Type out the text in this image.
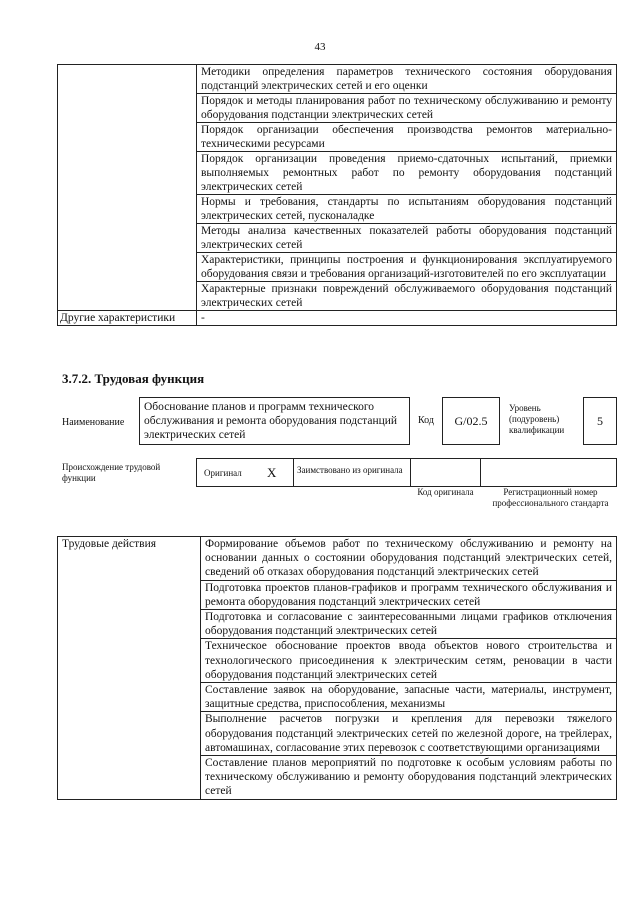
43
	Методики определения параметров технического состояния оборудования подстанций электрических сетей и его оценки
	Порядок и методы планирования работ по техническому обслуживанию и ремонту оборудования подстанции электрических сетей
	Порядок организации обеспечения производства ремонтов материально-техническими ресурсами
	Порядок организации проведения приемо-сдаточных испытаний, приемки выполняемых ремонтных работ по ремонту оборудования подстанций электрических сетей
	Нормы и требования, стандарты по испытаниям оборудования подстанций электрических сетей, пусконаладке
	Методы анализа качественных показателей работы оборудования подстанций электрических сетей
	Характеристики, принципы построения и функционирования эксплуатируемого оборудования связи и требования организаций-изготовителей по его эксплуатации
	Характерные признаки повреждений обслуживаемого оборудования подстанций электрических сетей
Другие характеристики	-
3.7.2. Трудовая функция
Наименование
Обоснование планов и программ технического обслуживания и ремонта оборудования подстанций электрических сетей
Код	G/02.5
Уровень (подуровень) квалификации
5
Происхождение трудовой функции	Оригинал X	Заимствовано из оригинала
Код оригинала	Регистрационный номер профессионального стандарта
Трудовые действия	Формирование объемов работ по техническому обслуживанию и ремонту на основании данных о состоянии оборудования подстанций электрических сетей, сведений об отказах оборудования подстанций электрических сетей
Подготовка проектов планов-графиков и программ технического обслуживания и ремонта оборудования подстанций электрических сетей
Подготовка и согласование с заинтересованными лицами графиков отключения оборудования подстанций электрических сетей
Техническое обоснование проектов ввода объектов нового строительства и технологического присоединения к электрическим сетям, реновации в части оборудования подстанций электрических сетей
Составление заявок на оборудование, запасные части, материалы, инструмент, защитные средства, приспособления, механизмы
Выполнение расчетов погрузки и крепления для перевозки тяжелого оборудования подстанций электрических сетей по железной дороге, на трейлерах, автомашинах, согласование этих перевозок с соответствующими организациями
Составление планов мероприятий по подготовке к особым условиям работы по техническому обслуживанию и ремонту оборудования подстанций электрических сетей
